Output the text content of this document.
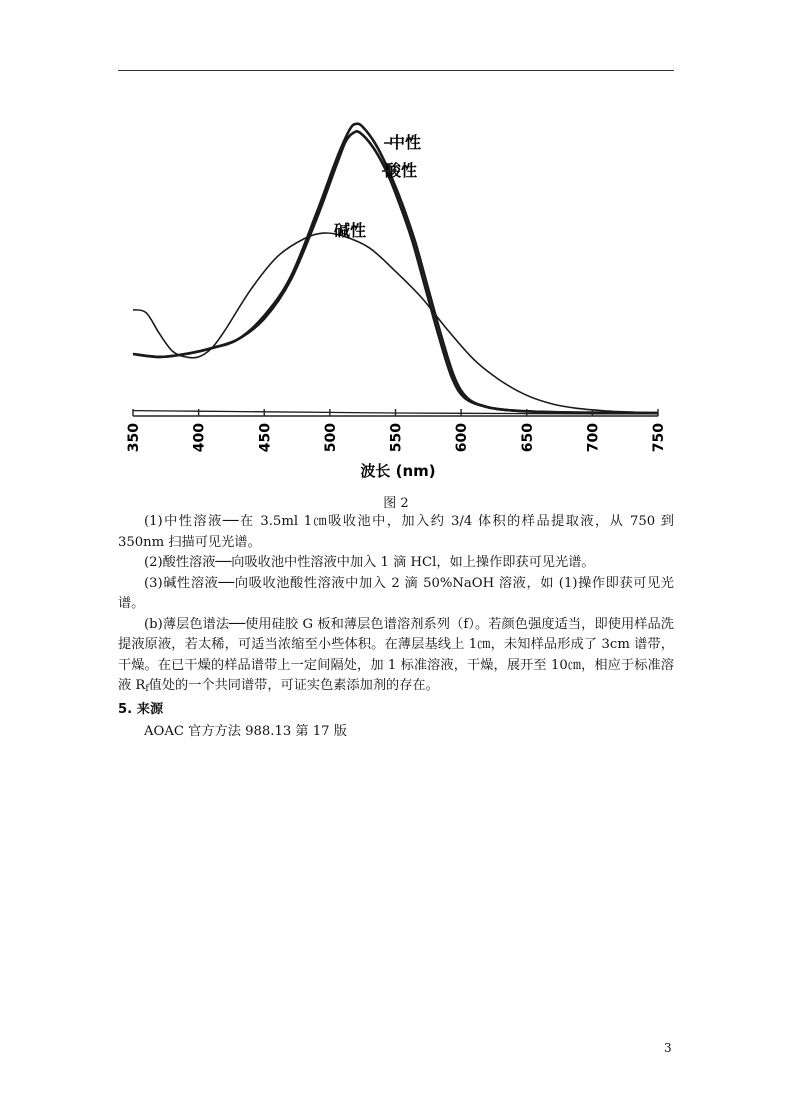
350	400	450	500	550	600	650	700	750
酸性
中性
碱性
波长 (nm)
图 2

(1)中性溶液──在 3.5ml 1㎝吸收池中，加入约 3/4 体积的样品提取液，从 750 到 350nm 扫描可见光谱。

(2)酸性溶液──向吸收池中性溶液中加入 1 滴 HCl，如上操作即获可见光谱。

(3)碱性溶液──向吸收池酸性溶液中加入 2 滴 50%NaOH 溶液，如 (1)操作即获可见光谱。

(b)薄层色谱法──使用硅胶 G 板和薄层色谱溶剂系列（f）。若颜色强度适当，即使用样品洗提液原液，若太稀，可适当浓缩至小些体积。在薄层基线上 1㎝，未知样品形成了 3cm 谱带，干燥。在已干燥的样品谱带上一定间隔处，加 1 标准溶液，干燥，展开至 10㎝，相应于标准溶液 $R_f$值处的一个共同谱带，可证实色素添加剂的存在。

5. 来源

AOAC 官方方法 988.13 第 17 版

3
